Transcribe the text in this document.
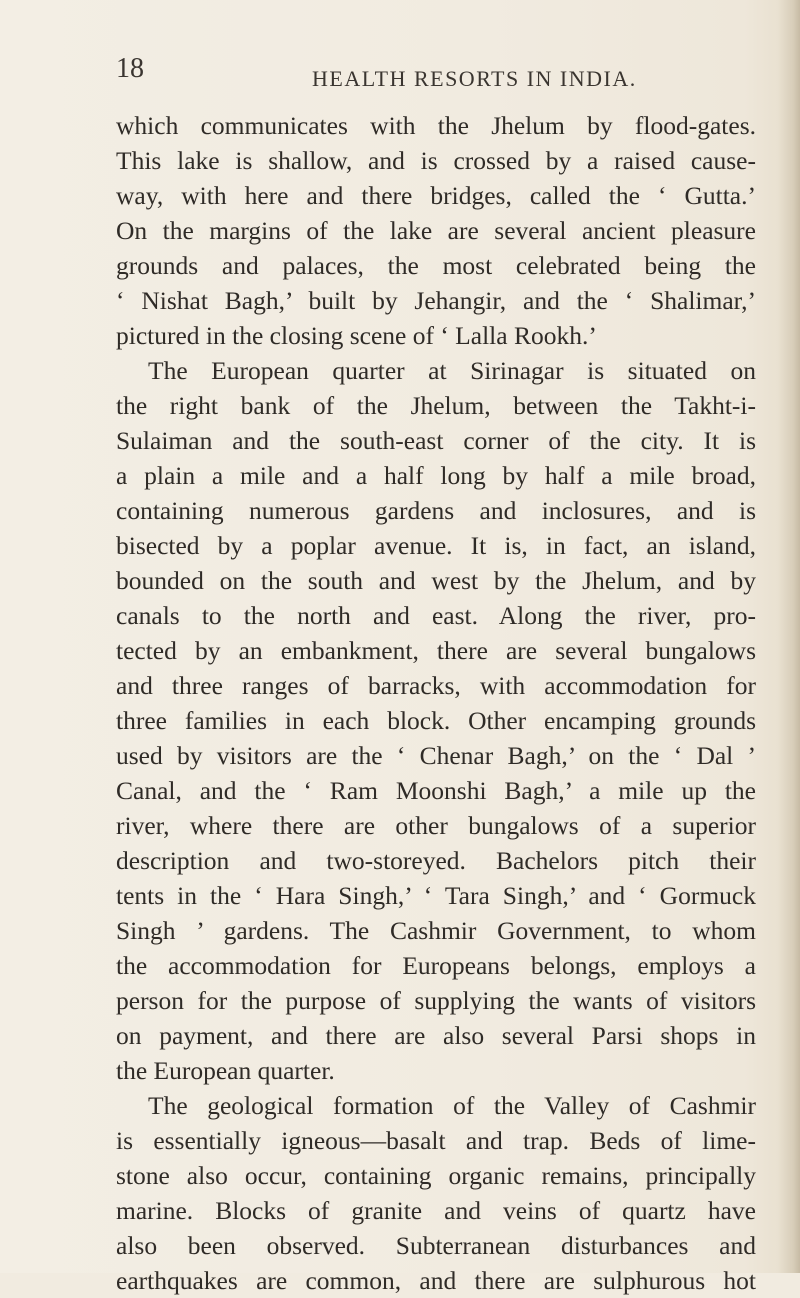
18	HEALTH RESORTS IN INDIA.

which communicates with the Jhelum by flood-gates.
This lake is shallow, and is crossed by a raised cause-
way, with here and there bridges, called the ‘ Gutta.’
On the margins of the lake are several ancient pleasure
grounds and palaces, the most celebrated being the
‘ Nishat Bagh,’ built by Jehangir, and the ‘ Shalimar,’
pictured in the closing scene of ‘ Lalla Rookh.’
The European quarter at Sirinagar is situated on
the right bank of the Jhelum, between the Takht-i-
Sulaiman and the south-east corner of the city. It is
a plain a mile and a half long by half a mile broad,
containing numerous gardens and inclosures, and is
bisected by a poplar avenue. It is, in fact, an island,
bounded on the south and west by the Jhelum, and by
canals to the north and east. Along the river, pro-
tected by an embankment, there are several bungalows
and three ranges of barracks, with accommodation for
three families in each block. Other encamping grounds
used by visitors are the ‘ Chenar Bagh,’ on the ‘ Dal ’
Canal, and the ‘ Ram Moonshi Bagh,’ a mile up the
river, where there are other bungalows of a superior
description and two-storeyed. Bachelors pitch their
tents in the ‘ Hara Singh,’ ‘ Tara Singh,’ and ‘ Gormuck
Singh ’ gardens. The Cashmir Government, to whom
the accommodation for Europeans belongs, employs a
person for the purpose of supplying the wants of visitors
on payment, and there are also several Parsi shops in
the European quarter.
The geological formation of the Valley of Cashmir
is essentially igneous—basalt and trap. Beds of lime-
stone also occur, containing organic remains, principally
marine. Blocks of granite and veins of quartz have
also been observed. Subterranean disturbances and
earthquakes are common, and there are sulphurous hot
